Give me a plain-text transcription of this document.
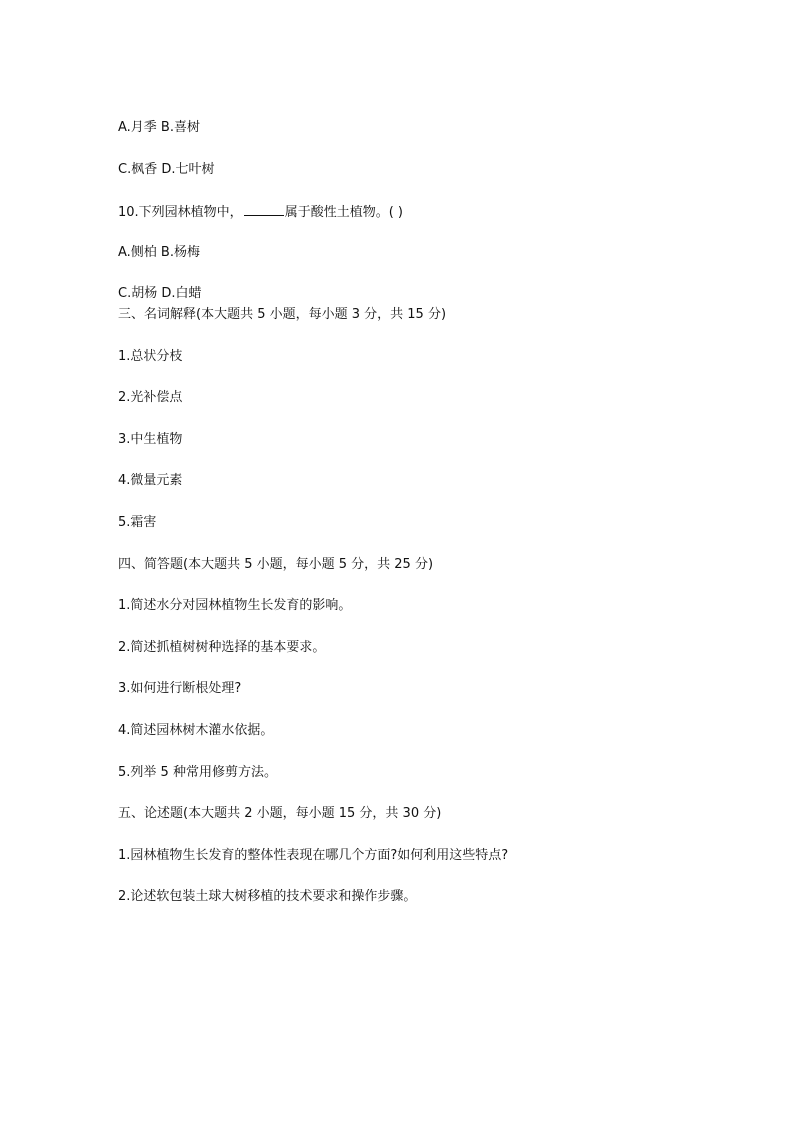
A.月季 B.喜树
C.枫香 D.七叶树
10.下列园林植物中，	属于酸性土植物。( )
A.侧柏 B.杨梅
C.胡杨 D.白蜡
三、名词解释(本大题共 5 小题，每小题 3 分，共 15 分)
1.总状分枝
2.光补偿点
3.中生植物
4.微量元素
5.霜害
四、简答题(本大题共 5 小题，每小题 5 分，共 25 分)
1.简述水分对园林植物生长发育的影响。
2.简述抓植树树种选择的基本要求。
3.如何进行断根处理?
4.简述园林树木灌水依据。
5.列举 5 种常用修剪方法。
五、论述题(本大题共 2 小题，每小题 15 分，共 30 分)
1.园林植物生长发育的整体性表现在哪几个方面?如何利用这些特点?
2.论述软包装土球大树移植的技术要求和操作步骤。
